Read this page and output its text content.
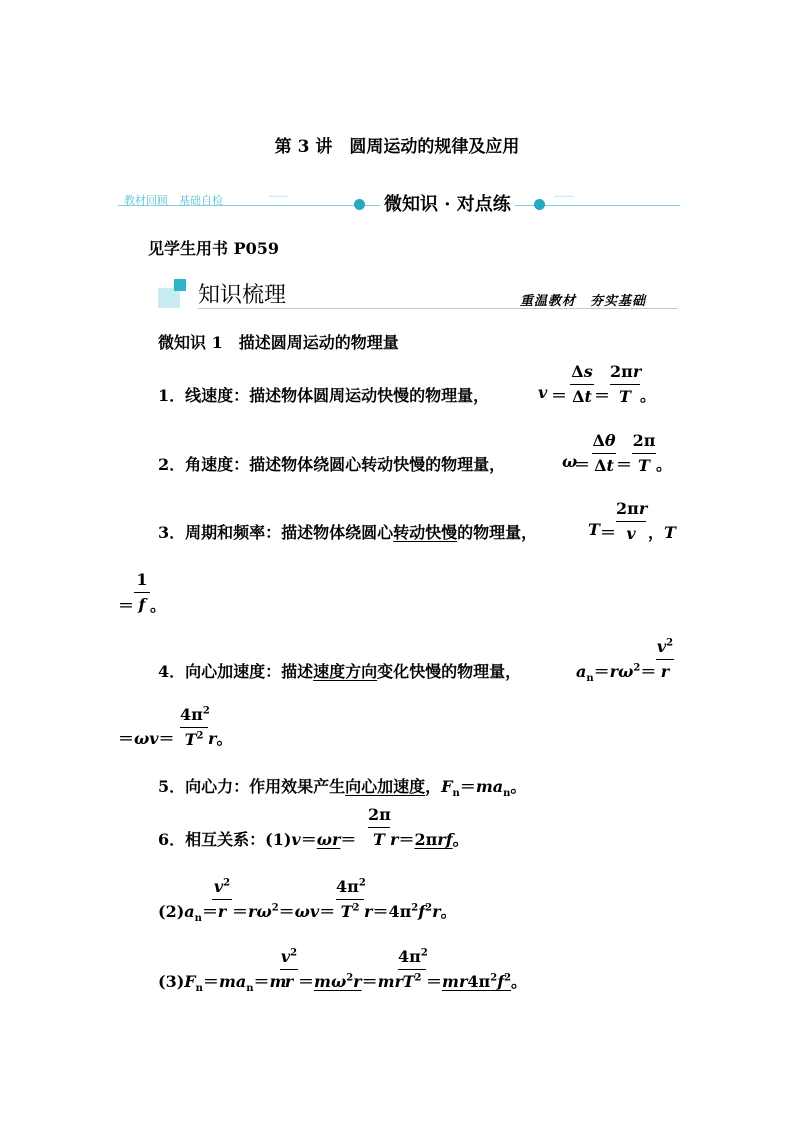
第 3 讲　圆周运动的规律及应用
教材回顾　基础自检	·········	微知识 · 对点练	·········
见学生用书 P059
知识梳理	重温教材　夯实基础
微知识 1　描述圆周运动的物理量
1．线速度：描述物体圆周运动快慢的物理量，	v ＝
Δs
Δt ＝
2πr
T 。
2．角速度：描述物体绕圆心转动快慢的物理量，	ω
＝
Δθ
Δt ＝
2π
T 。
3．周期和频率：描述物体绕圆心转动快慢的物理量，	T ＝
2πr
v ，T
＝
1
f 。
4．向心加速度：描述速度方向变化快慢的物理量，	$a_n=r\omega^2=$
$v^2$
r
＝ωv＝
$4\pi^2$
$T^2$ r。
5．向心力：作用效果产生向心加速度，$F_n=ma_n$。
6．相互关系：(1)v＝ωr＝
2π
T r＝2πrf。
$(2)a_n=$
$v^2$
$r =r\omega^2=\omega v=$
$4\pi^2$
$T^2$ $r=4\pi^2f^2r$。
$(3)F_n=ma_n=m$
$v^2$
$r =m\omega^2r=mr$
$4\pi^2$
$T^2 =mr4\pi^2f^2$。
